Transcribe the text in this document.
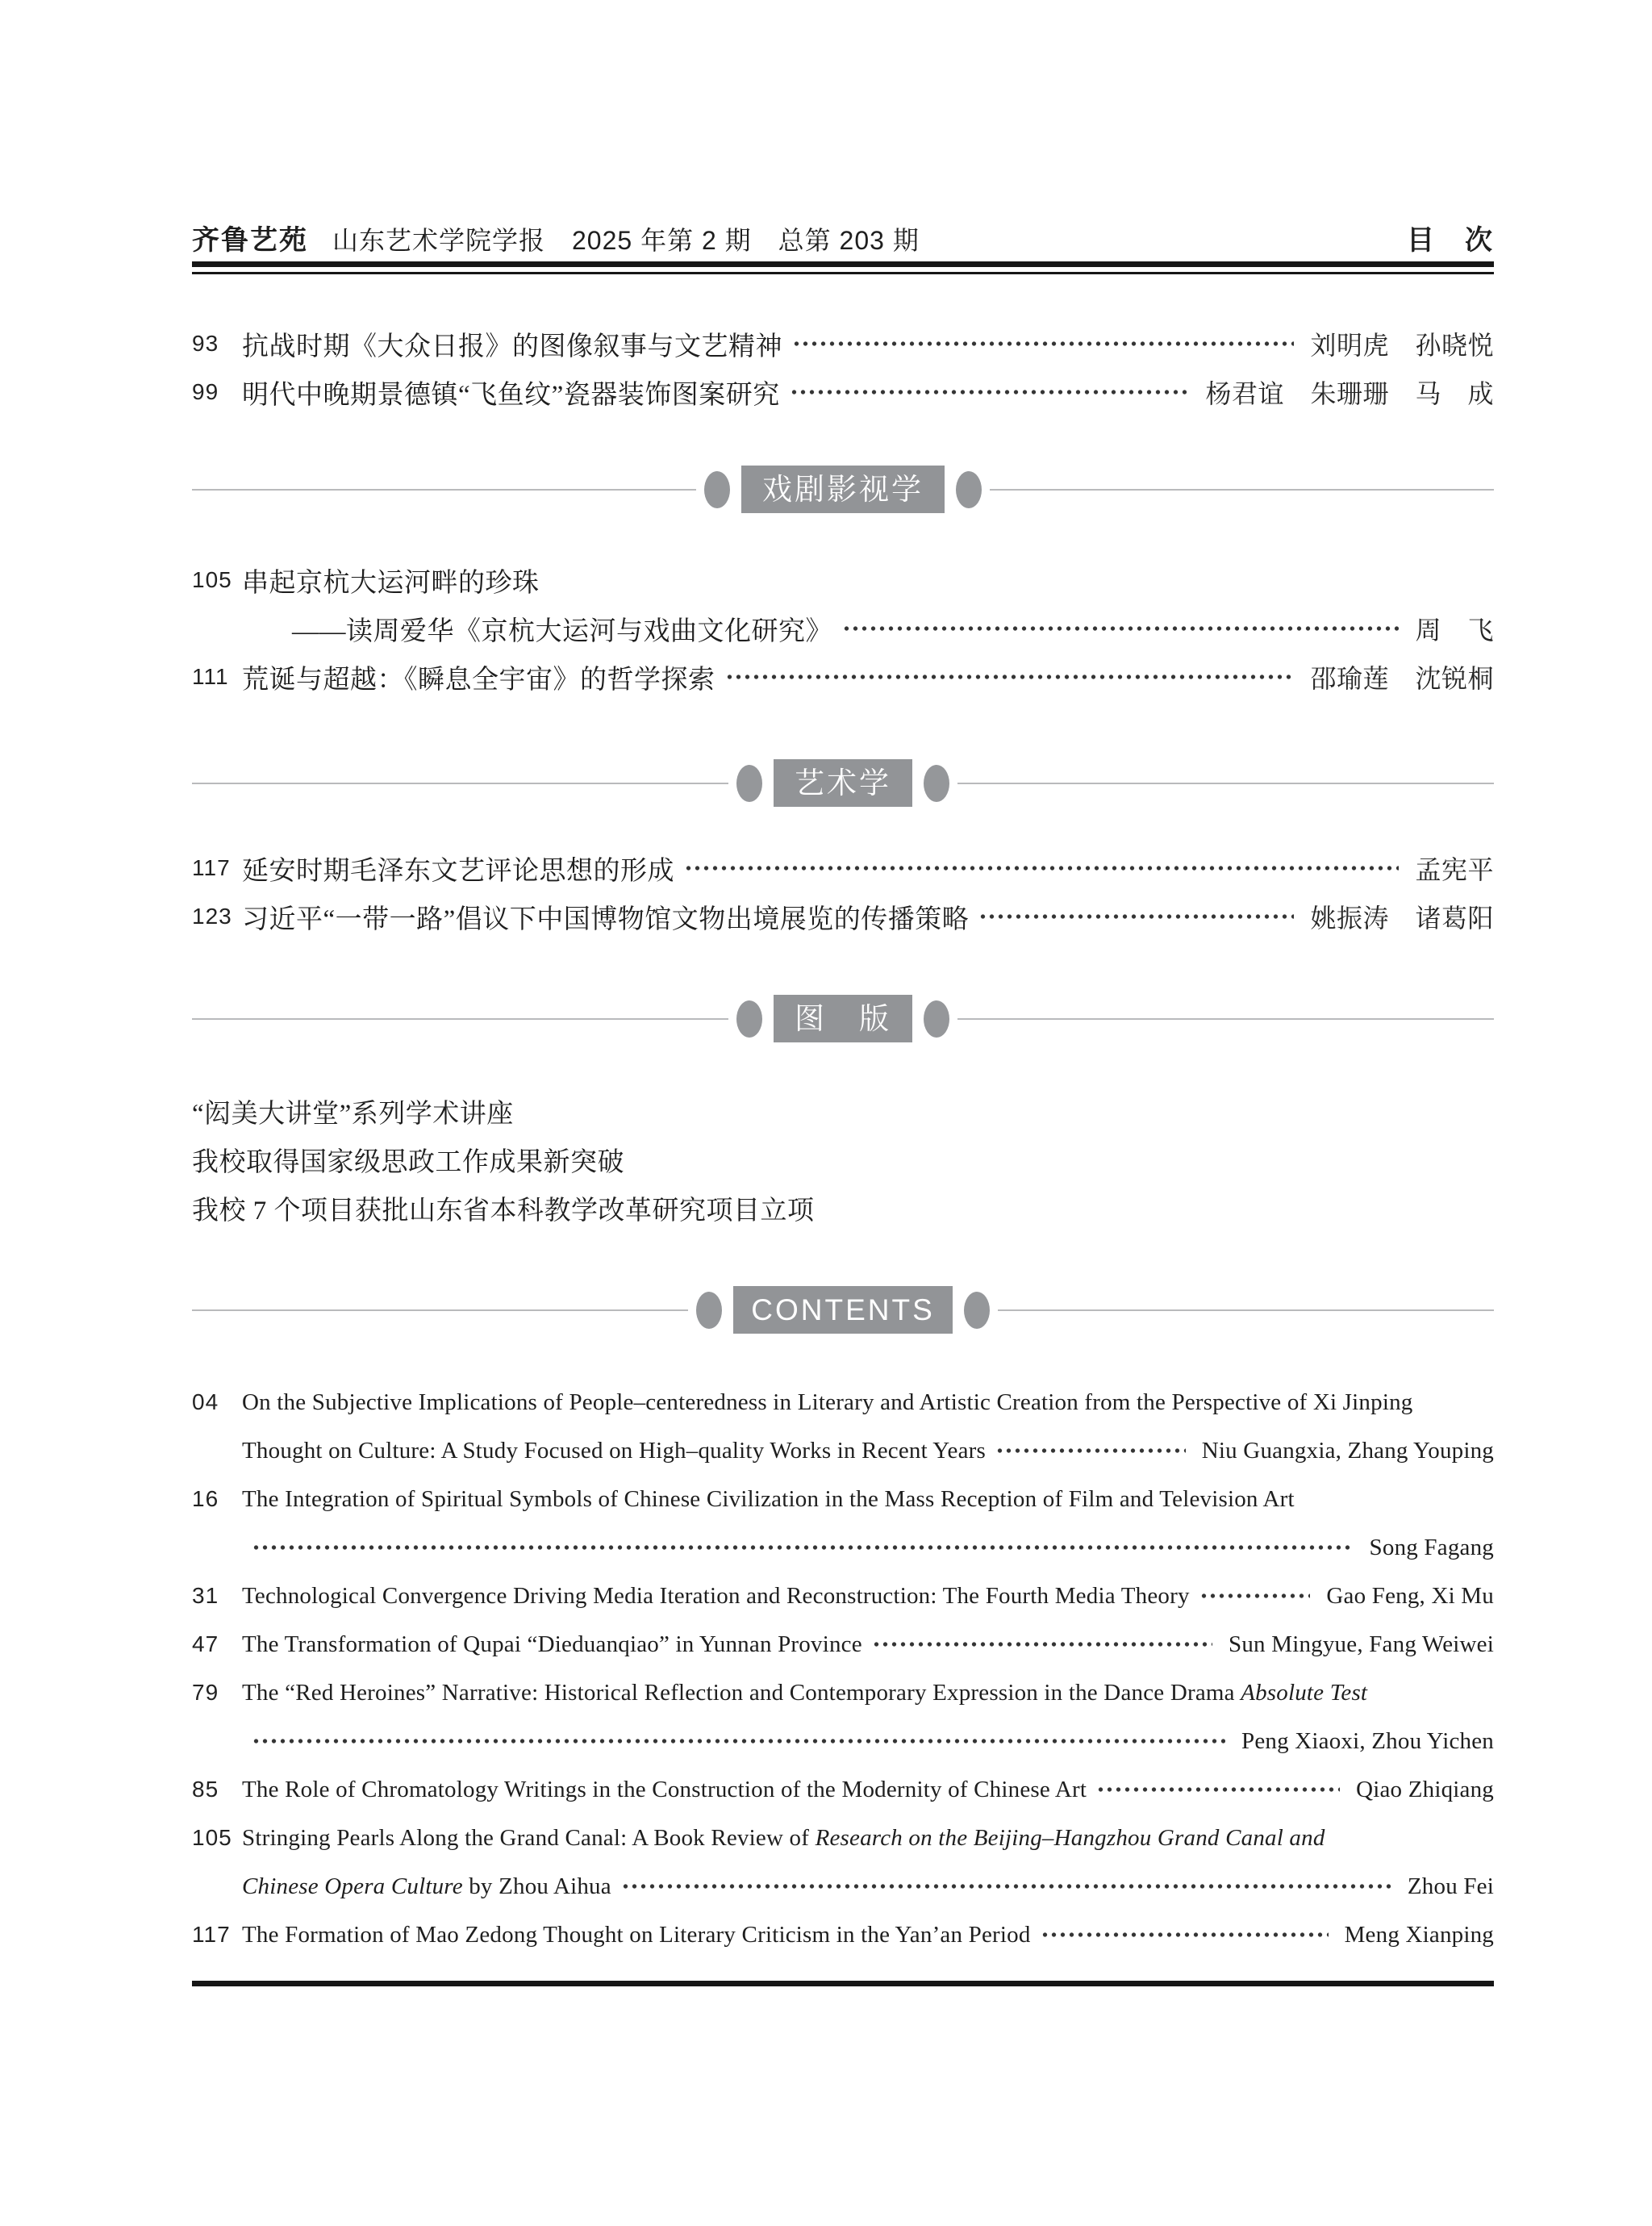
齐鲁艺苑 山东艺术学院学报　2025 年第 2 期　总第 203 期	目　次
93 抗战时期《大众日报》的图像叙事与文艺精神	刘明虎　孙晓悦
99 明代中晚期景德镇“飞鱼纹”瓷器装饰图案研究	杨君谊　朱珊珊　马　成
戏剧影视学
105 串起京杭大运河畔的珍珠
——读周爱华《京杭大运河与戏曲文化研究》	周　飞
111 荒诞与超越：《瞬息全宇宙》的哲学探索	邵瑜莲　沈锐桐
艺术学
117 延安时期毛泽东文艺评论思想的形成	孟宪平
123 习近平“一带一路”倡议下中国博物馆文物出境展览的传播策略	姚振涛　诸葛阳
图　版
“闳美大讲堂”系列学术讲座
我校取得国家级思政工作成果新突破
我校 7 个项目获批山东省本科教学改革研究项目立项
CONTENTS
04 On the Subjective Implications of People–centeredness in Literary and Artistic Creation from the Perspective of Xi Jinping
Thought on Culture: A Study Focused on High–quality Works in Recent Years	Niu Guangxia, Zhang Youping
16 The Integration of Spiritual Symbols of Chinese Civilization in the Mass Reception of Film and Television Art
Song Fagang
31 Technological Convergence Driving Media Iteration and Reconstruction: The Fourth Media Theory	Gao Feng, Xi Mu
47 The Transformation of Qupai “Dieduanqiao” in Yunnan Province	Sun Mingyue, Fang Weiwei
79 The “Red Heroines” Narrative: Historical Reflection and Contemporary Expression in the Dance Drama Absolute Test
Peng Xiaoxi, Zhou Yichen
85 The Role of Chromatology Writings in the Construction of the Modernity of Chinese Art	Qiao Zhiqiang
105 Stringing Pearls Along the Grand Canal: A Book Review of Research on the Beijing–Hangzhou Grand Canal and
Chinese Opera Culture by Zhou Aihua	Zhou Fei
117 The Formation of Mao Zedong Thought on Literary Criticism in the Yan’an Period	Meng Xianping
